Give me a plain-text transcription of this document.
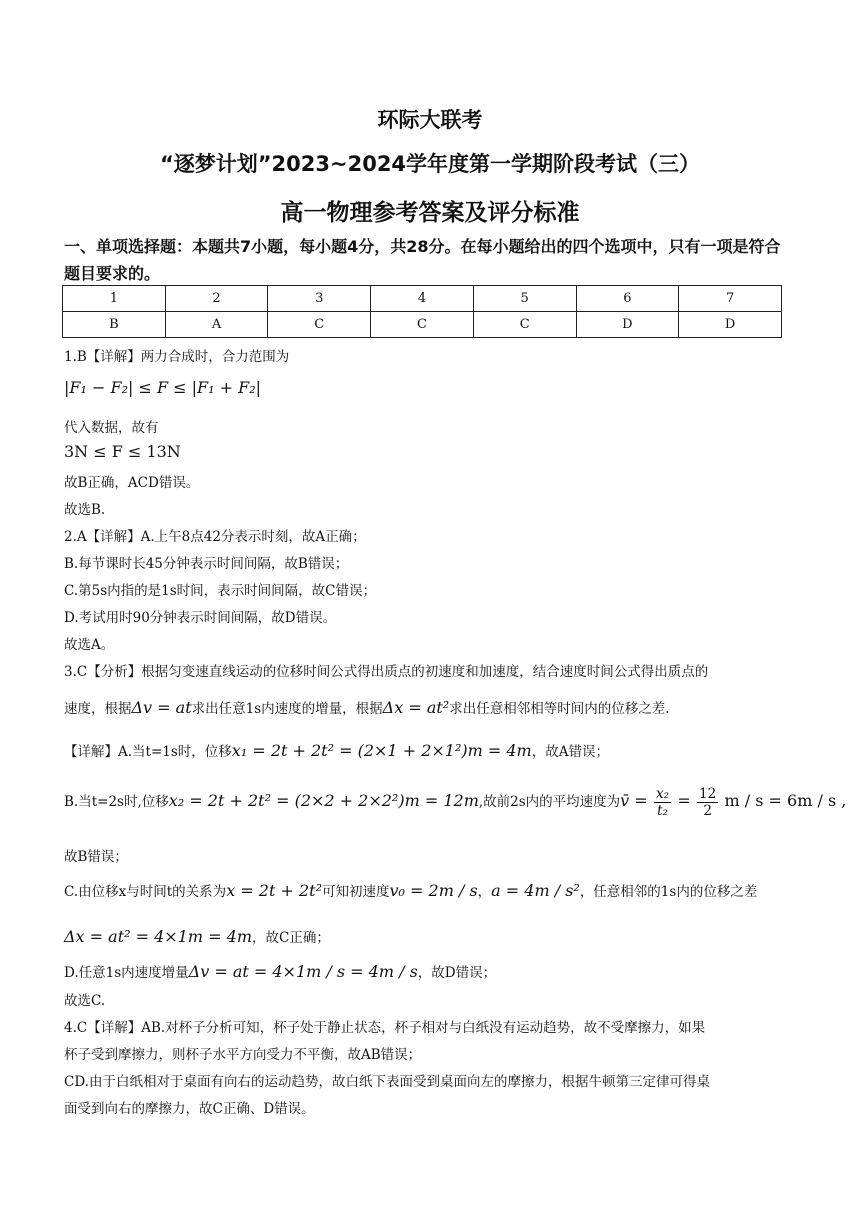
环际大联考
“逐梦计划”2023~2024学年度第一学期阶段考试（三）
高一物理参考答案及评分标准
一、单项选择题：本题共7小题，每小题4分，共28分。在每小题给出的四个选项中，只有一项是符合题目要求的。
1	2	3	4	5	6	7
B	A	C	C	C	D	D
1.B【详解】两力合成时，合力范围为
|F₁ − F₂| ≤ F ≤ |F₁ + F₂|
代入数据，故有
3N ≤ F ≤ 13N
故B正确，ACD错误。
故选B.
2.A【详解】A.上午8点42分表示时刻，故A正确；
B.每节课时长45分钟表示时间间隔，故B错误；
C.第5s内指的是1s时间，表示时间间隔，故C错误；
D.考试用时90分钟表示时间间隔，故D错误。
故选A。
3.C【分析】根据匀变速直线运动的位移时间公式得出质点的初速度和加速度，结合速度时间公式得出质点的
速度，根据Δv = at求出任意1s内速度的增量，根据Δx = at²求出任意相邻相等时间内的位移之差.
【详解】A.当t=1s时，位移x₁ = 2t + 2t² = (2×1 + 2×1²)m = 4m，故A错误；
B.当t=2s时,位移x₂ = 2t + 2t² = (2×2 + 2×2²)m = 12m,故前2s内的平均速度为v̄ = $\frac{\text{x₂}}{\text{t₂}} = \frac{12}{2}$ m / s = 6m / s ,
故B错误；
C.由位移x与时间t的关系为x = 2t + 2t²可知初速度v₀ = 2m / s，a = 4m / s²，任意相邻的1s内的位移之差
Δx = at² = 4×1m = 4m，故C正确；
D.任意1s内速度增量Δv = at = 4×1m / s = 4m / s，故D错误；
故选C.
4.C【详解】AB.对杯子分析可知，杯子处于静止状态，杯子相对与白纸没有运动趋势，故不受摩擦力，如果
杯子受到摩擦力，则杯子水平方向受力不平衡，故AB错误；
CD.由于白纸相对于桌面有向右的运动趋势，故白纸下表面受到桌面向左的摩擦力，根据牛顿第三定律可得桌
面受到向右的摩擦力，故C正确、D错误。
